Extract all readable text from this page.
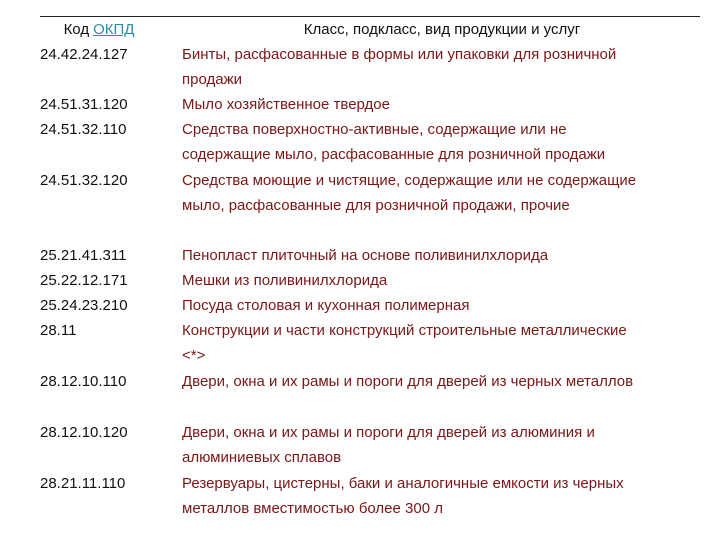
Код ОКПД	Класс, подкласс, вид продукции и услуг
24.42.24.127	Бинты, расфасованные в формы или упаковки для розничной
продажи
24.51.31.120	Мыло хозяйственное твердое
24.51.32.110	Средства поверхностно-активные, содержащие или не
содержащие мыло, расфасованные для розничной продажи
24.51.32.120	Средства моющие и чистящие, содержащие или не содержащие
мыло, расфасованные для розничной продажи, прочие
25.21.41.311	Пенопласт плиточный на основе поливинилхлорида
25.22.12.171	Мешки из поливинилхлорида
25.24.23.210	Посуда столовая и кухонная полимерная
28.11	Конструкции и части конструкций строительные металлические
<*>
28.12.10.110	Двери, окна и их рамы и пороги для дверей из черных металлов
28.12.10.120	Двери, окна и их рамы и пороги для дверей из алюминия и
алюминиевых сплавов
28.21.11.110	Резервуары, цистерны, баки и аналогичные емкости из черных
металлов вместимостью более 300 л
